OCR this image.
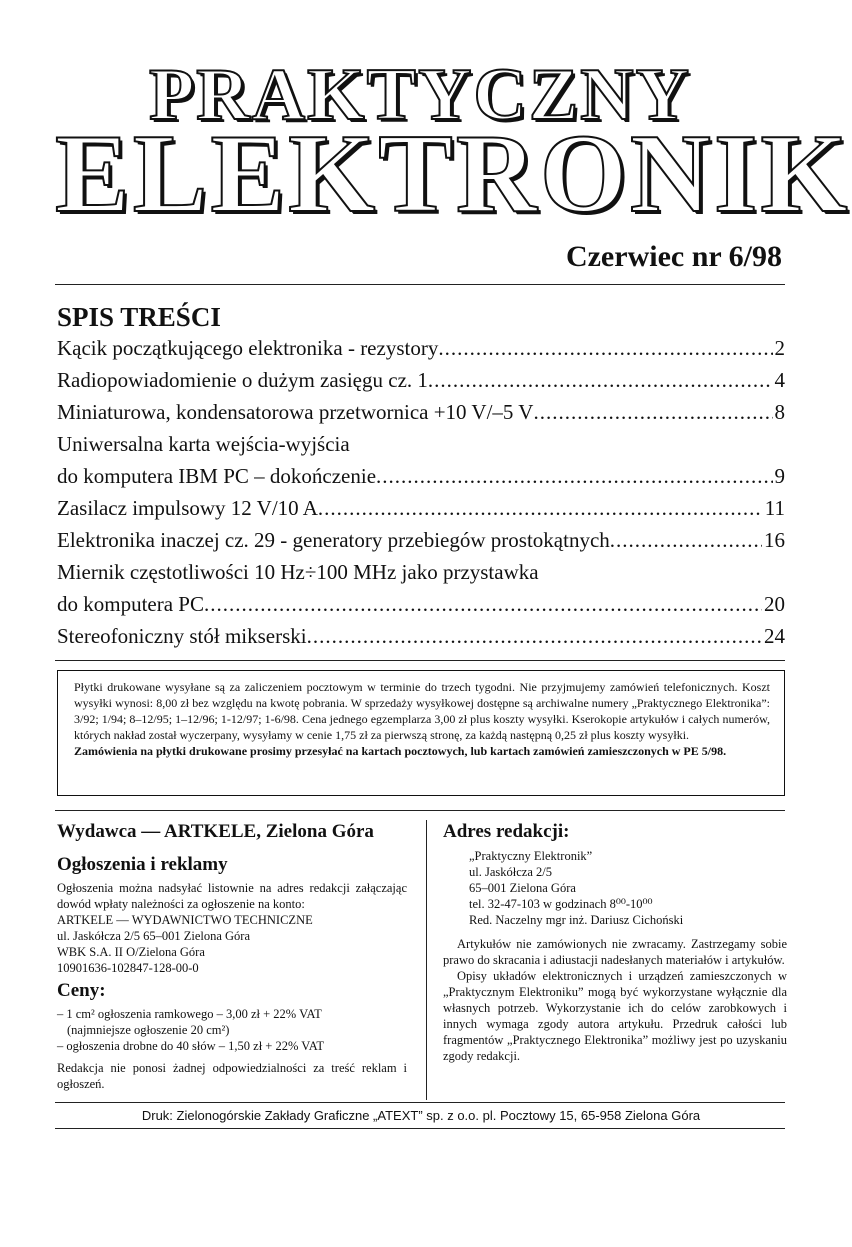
PRAKTYCZNY
ELEKTRONIK
Czerwiec nr 6/98
SPIS TREŚCI
Kącik początkującego elektronika - rezystory .....	2
Radiopowiadomienie o dużym zasięgu cz. 1 .....	4
Miniaturowa, kondensatorowa przetwornica +10 V/–5 V .....	8
Uniwersalna karta wejścia-wyjścia
do komputera IBM PC – dokończenie .....	9
Zasilacz impulsowy 12 V/10 A .....	11
Elektronika inaczej cz. 29 - generatory przebiegów prostokątnych .....	16
Miernik częstotliwości 10 Hz÷100 MHz jako przystawka
do komputera PC .....	20
Stereofoniczny stół mikserski .....	24

Płytki drukowane wysyłane są za zaliczeniem pocztowym w terminie do trzech tygodni. Nie przyjmujemy zamówień telefonicznych. Koszt wysyłki wynosi: 8,00 zł bez względu na kwotę pobrania. W sprzedaży wysyłkowej dostępne są archiwalne numery „Praktycznego Elektronika”: 3/92; 1/94; 8–12/95; 1–12/96; 1-12/97; 1-6/98. Cena jednego egzemplarza 3,00 zł plus koszty wysyłki. Kserokopie artykułów i całych numerów, których nakład został wyczerpany, wysyłamy w cenie 1,75 zł za pierwszą stronę, za każdą następną 0,25 zł plus koszty wysyłki.

Zamówienia na płytki drukowane prosimy przesyłać na kartach pocztowych, lub kartach zamówień zamieszczonych w PE 5/98.

Wydawca — ARTKELE, Zielona Góra

Ogłoszenia i reklamy

Ogłoszenia można nadsyłać listownie na adres redakcji załączając dowód wpłaty należności za ogłoszenie na konto:

ARTKELE — WYDAWNICTWO TECHNICZNE

ul. Jaskółcza 2/5 65–001 Zielona Góra

WBK S.A. II O/Zielona Góra

10901636-102847-128-00-0

Ceny:

– 1 cm² ogłoszenia ramkowego – 3,00 zł + 22% VAT

(najmniejsze ogłoszenie 20 cm²)

– ogłoszenia drobne do 40 słów – 1,50 zł + 22% VAT

Redakcja nie ponosi żadnej odpowiedzialności za treść reklam i ogłoszeń.

Adres redakcji:

„Praktyczny Elektronik”

ul. Jaskółcza 2/5

65–001 Zielona Góra

tel. 32-47-103 w godzinach 8⁰⁰-10⁰⁰

Red. Naczelny mgr inż. Dariusz Cichoński

Artykułów nie zamówionych nie zwracamy. Zastrzegamy sobie prawo do skracania i adiustacji nadesłanych materiałów i artykułów.

Opisy układów elektronicznych i urządzeń zamieszczonych w „Praktycznym Elektroniku” mogą być wykorzystane wyłącznie dla własnych potrzeb. Wykorzystanie ich do celów zarobkowych i innych wymaga zgody autora artykułu. Przedruk całości lub fragmentów „Praktycznego Elektronika” możliwy jest po uzyskaniu zgody redakcji.

Druk: Zielonogórskie Zakłady Graficzne „ATEXT” sp. z o.o. pl. Pocztowy 15, 65-958 Zielona Góra
